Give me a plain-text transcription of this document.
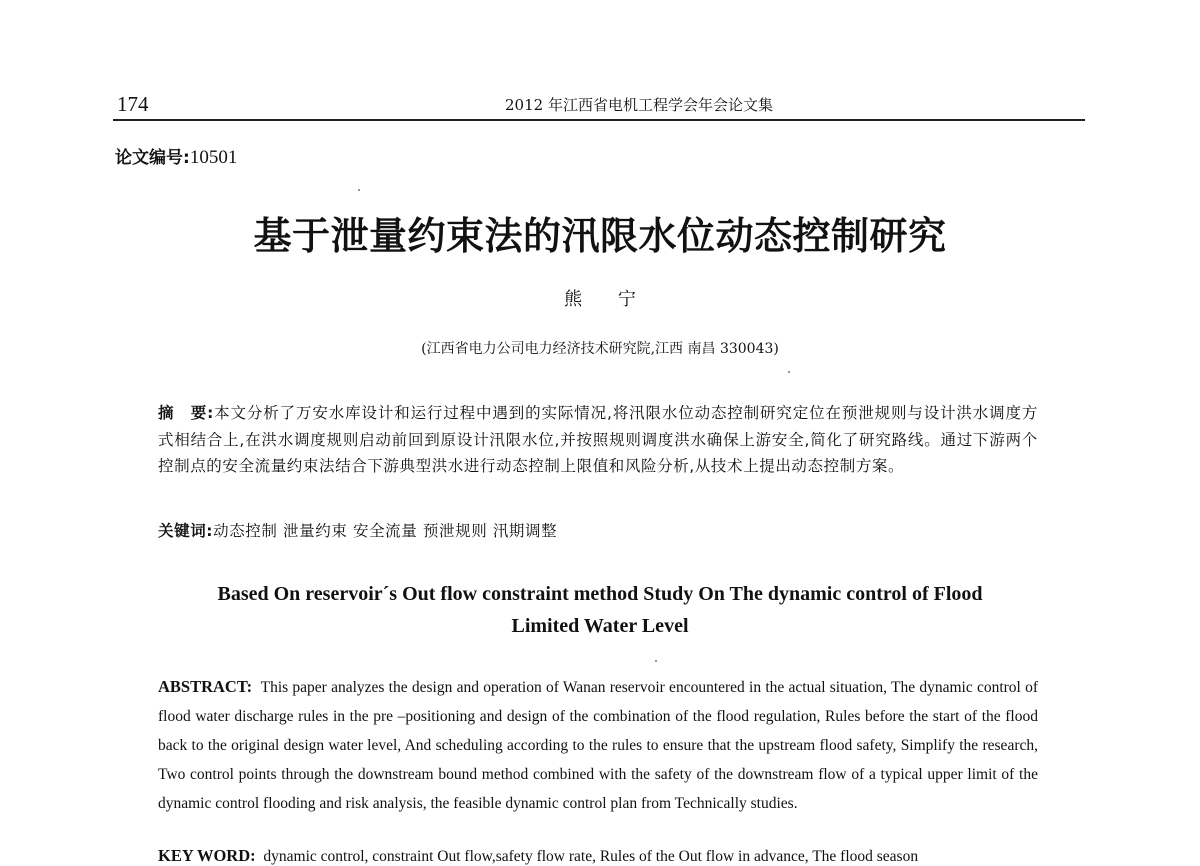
174	2012 年江西省电机工程学会年会论文集
论文编号:10501
基于泄量约束法的汛限水位动态控制研究
熊 宁
(江西省电力公司电力经济技术研究院,江西 南昌 330043)
摘　要:本文分析了万安水库设计和运行过程中遇到的实际情况,将汛限水位动态控制研究定位在预泄规则与设计洪水调度方式相结合上,在洪水调度规则启动前回到原设计汛限水位,并按照规则调度洪水确保上游安全,简化了研究路线。通过下游两个控制点的安全流量约束法结合下游典型洪水进行动态控制上限值和风险分析,从技术上提出动态控制方案。
关键词:动态控制 泄量约束 安全流量 预泄规则 汛期调整
Based On reservoir´s Out flow constraint method Study On The dynamic control of Flood
Limited Water Level
ABSTRACT: This paper analyzes the design and operation of Wanan reservoir encountered in the actual situation, The dynamic control of flood water discharge rules in the pre –positioning and design of the combination of the flood regulation, Rules before the start of the flood back to the original design water level, And scheduling according to the rules to ensure that the upstream flood safety, Simplify the research, Two control points through the downstream bound method combined with the safety of the downstream flow of a typical upper limit of the dynamic control flooding and risk analysis, the feasible dynamic control plan from Technically studies.
KEY WORD: dynamic control, constraint Out flow,safety flow rate, Rules of the Out flow in advance, The flood season
